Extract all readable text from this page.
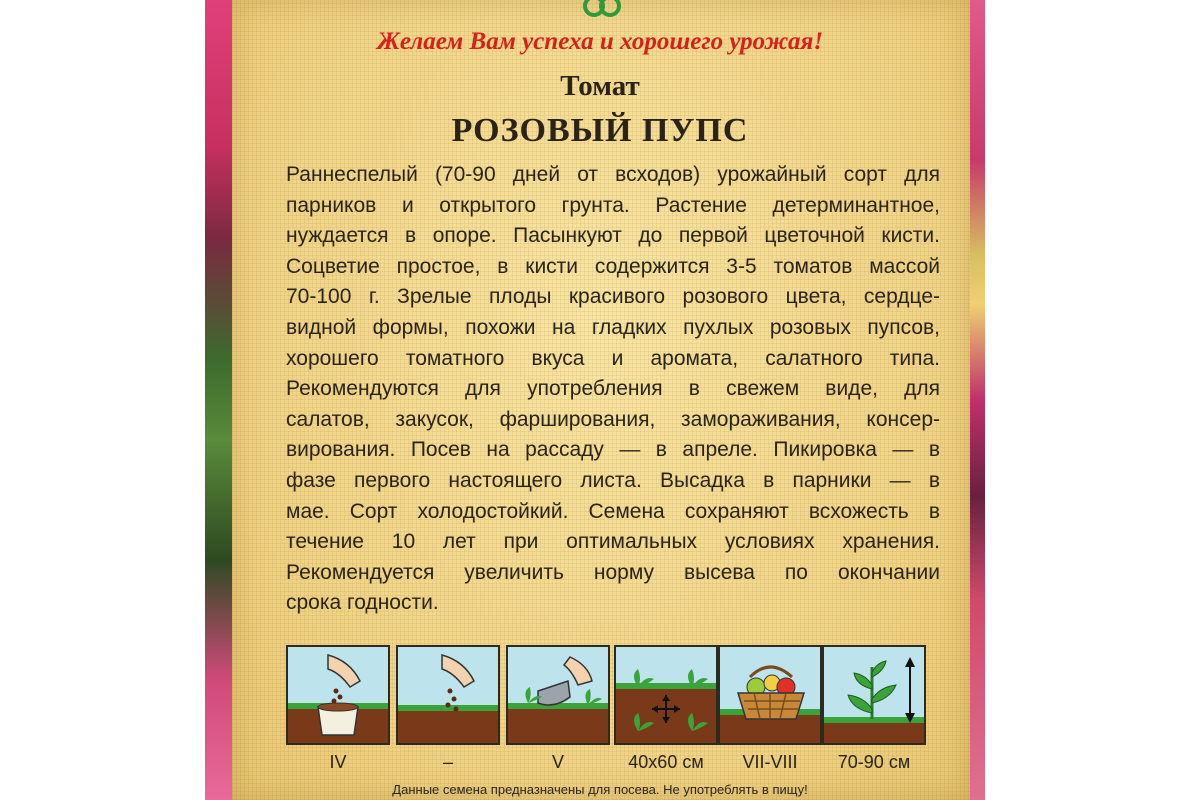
Желаем Вам успеха и хорошего урожая!
Томат
РОЗОВЫЙ ПУПС
Раннеспелый (70-90 дней от всходов) урожайный сорт для
парников и открытого грунта. Растение детерминантное,
нуждается в опоре. Пасынкуют до первой цветочной кисти.
Соцветие простое, в кисти содержится 3-5 томатов массой
70-100 г. Зрелые плоды красивого розового цвета, сердце-
видной формы, похожи на гладких пухлых розовых пупсов,
хорошего томатного вкуса и аромата, салатного типа.
Рекомендуются для употребления в свежем виде, для
салатов, закусок, фарширования, замораживания, консер-
вирования. Посев на рассаду — в апреле. Пикировка — в
фазе первого настоящего листа. Высадка в парники — в
мае. Сорт холодостойкий. Семена сохраняют всхожесть в
течение 10 лет при оптимальных условиях хранения.
Рекомендуется увеличить норму высева по окончании
срока годности.
IV	–	V	40x60 см	VII-VIII	70-90 см
Данные семена предназначены для посева. Не употреблять в пищу!
